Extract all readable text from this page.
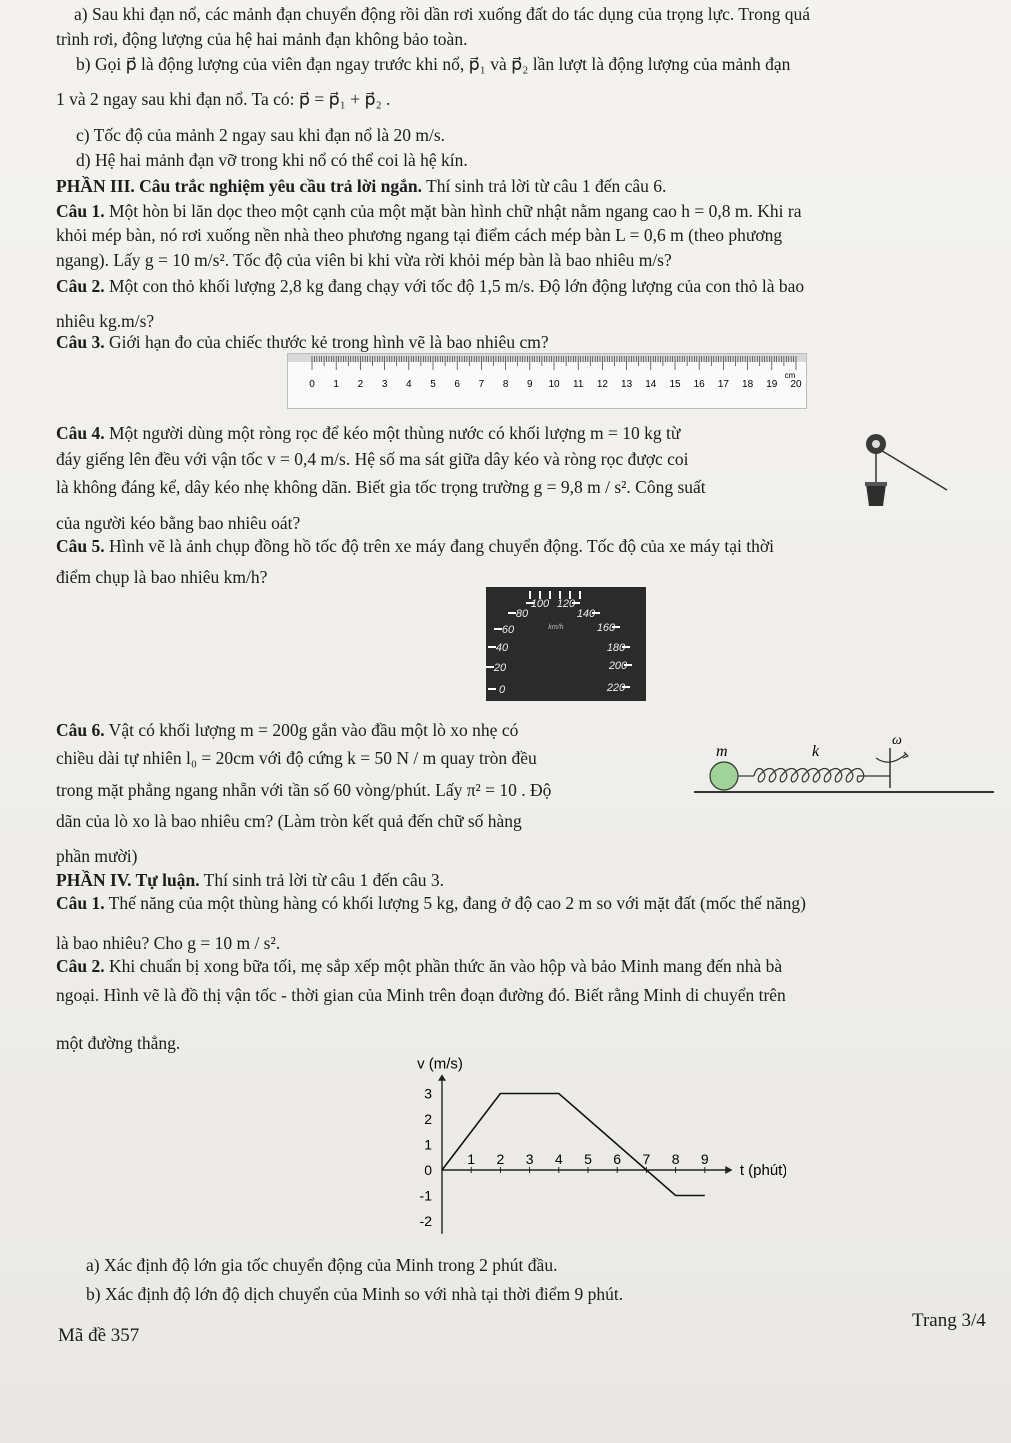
a) Sau khi đạn nổ, các mảnh đạn chuyển động rồi dần rơi xuống đất do tác dụng của trọng lực. Trong quá
trình rơi, động lượng của hệ hai mảnh đạn không bảo toàn.
b) Gọi p⃗ là động lượng của viên đạn ngay trước khi nổ, p⃗₁ và p⃗₂ lần lượt là động lượng của mảnh đạn
1 và 2 ngay sau khi đạn nổ. Ta có: p⃗ = p⃗₁ + p⃗₂ .
c) Tốc độ của mảnh 2 ngay sau khi đạn nổ là 20 m/s.
d) Hệ hai mảnh đạn vỡ trong khi nổ có thể coi là hệ kín.
PHẦN III. Câu trắc nghiệm yêu cầu trả lời ngắn. Thí sinh trả lời từ câu 1 đến câu 6.
Câu 1. Một hòn bi lăn dọc theo một cạnh của một mặt bàn hình chữ nhật nằm ngang cao h = 0,8 m. Khi ra
khỏi mép bàn, nó rơi xuống nền nhà theo phương ngang tại điểm cách mép bàn L = 0,6 m (theo phương
ngang). Lấy g = 10 m/s². Tốc độ của viên bi khi vừa rời khỏi mép bàn là bao nhiêu m/s?
Câu 2. Một con thỏ khối lượng 2,8 kg đang chạy với tốc độ 1,5 m/s. Độ lớn động lượng của con thỏ là bao
nhiêu kg.m/s?
Câu 3. Giới hạn đo của chiếc thước kẻ trong hình vẽ là bao nhiêu cm?
0 1 2 3 4 5 6 7 8 9 10 11 12 13 14 15 16 17 18 19 20
cm
Câu 4. Một người dùng một ròng rọc để kéo một thùng nước có khối lượng m = 10 kg từ
đáy giếng lên đều với vận tốc v = 0,4 m/s. Hệ số ma sát giữa dây kéo và ròng rọc được coi
là không đáng kể, dây kéo nhẹ không dãn. Biết gia tốc trọng trường g = 9,8 m / s². Công suất
của người kéo bằng bao nhiêu oát?
Câu 5. Hình vẽ là ảnh chụp đồng hồ tốc độ trên xe máy đang chuyển động. Tốc độ của xe máy tại thời
điểm chụp là bao nhiêu km/h?
0
20
40
60
80
100 120
140
160
180
200
220
km/h
Câu 6. Vật có khối lượng m = 200g gắn vào đầu một lò xo nhẹ có
chiều dài tự nhiên l₀ = 20cm với độ cứng k = 50 N / m quay tròn đều
trong mặt phẳng ngang nhẵn với tần số 60 vòng/phút. Lấy π² = 10 . Độ
dãn của lò xo là bao nhiêu cm? (Làm tròn kết quả đến chữ số hàng
phần mười)
m	k
ω
PHẦN IV. Tự luận. Thí sinh trả lời từ câu 1 đến câu 3.
Câu 1. Thế năng của một thùng hàng có khối lượng 5 kg, đang ở độ cao 2 m so với mặt đất (mốc thế năng)
là bao nhiêu? Cho g = 10 m / s².
Câu 2. Khi chuẩn bị xong bữa tối, mẹ sắp xếp một phần thức ăn vào hộp và bảo Minh mang đến nhà bà
ngoại. Hình vẽ là đồ thị vận tốc - thời gian của Minh trên đoạn đường đó. Biết rằng Minh di chuyển trên
một đường thẳng.
1 2 3 4 5 6 7 8 9
3
2
1
0
-1
-2
v (m/s)
t (phút)
a) Xác định độ lớn gia tốc chuyển động của Minh trong 2 phút đầu.
b) Xác định độ lớn độ dịch chuyển của Minh so với nhà tại thời điểm 9 phút.
Mã đề 357
Trang 3/4
